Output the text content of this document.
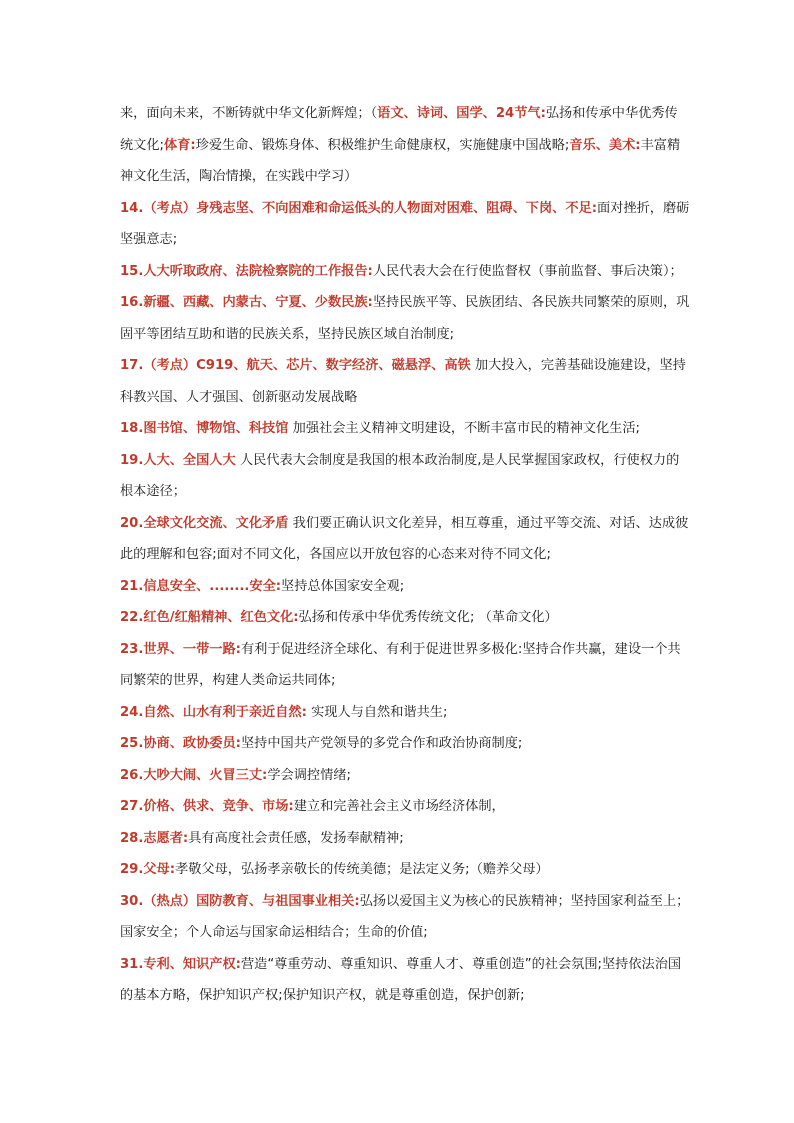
来，面向未来，不断铸就中华文化新辉煌；（语文、诗词、国学、24节气:弘扬和传承中华优秀传统文化;体育:珍爱生命、锻炼身体、积极维护生命健康权，实施健康中国战略;音乐、美术:丰富精神文化生活，陶冶情操，在实践中学习）

14.（考点）身残志坚、不向困难和命运低头的人物面对困难、阻碍、下岗、不足:面对挫折，磨砺坚强意志;

15.人大听取政府、法院检察院的工作报告:人民代表大会在行使监督权（事前监督、事后决策）；

16.新疆、西藏、内蒙古、宁夏、少数民族:坚持民族平等、民族团结、各民族共同繁荣的原则，巩固平等团结互助和谐的民族关系，坚持民族区域自治制度;

17.（考点）C919、航天、芯片、数字经济、磁悬浮、高铁 加大投入，完善基础设施建设，坚持科教兴国、人才强国、创新驱动发展战略

18.图书馆、博物馆、科技馆 加强社会主义精神文明建设，不断丰富市民的精神文化生活;

19.人大、全国人大 人民代表大会制度是我国的根本政治制度,是人民掌握国家政权，行使权力的根本途径；

20.全球文化交流、文化矛盾 我们要正确认识文化差异，相互尊重，通过平等交流、对话、达成彼此的理解和包容;面对不同文化，各国应以开放包容的心态来对待不同文化;

21.信息安全、........安全:坚持总体国家安全观;

22.红色/红船精神、红色文化:弘扬和传承中华优秀传统文化; （革命文化）

23.世界、一带一路:有利于促进经济全球化、有利于促进世界多极化:坚持合作共赢，建设一个共同繁荣的世界，构建人类命运共同体;

24.自然、山水有利于亲近自然: 实现人与自然和谐共生;

25.协商、政协委员:坚持中国共产党领导的多党合作和政治协商制度;

26.大吵大闹、火冒三丈:学会调控情绪;

27.价格、供求、竞争、市场:建立和完善社会主义市场经济体制，

28.志愿者:具有高度社会责任感，发扬奉献精神;

29.父母:孝敬父母，弘扬孝亲敬长的传统美德；是法定义务;（赡养父母）

30.（热点）国防教育、与祖国事业相关:弘扬以爱国主义为核心的民族精神；坚持国家利益至上；国家安全；个人命运与国家命运相结合；生命的价值;

31.专利、知识产权:营造“尊重劳动、尊重知识、尊重人才、尊重创造”的社会氛围;坚持依法治国的基本方略，保护知识产权;保护知识产权，就是尊重创造，保护创新;
